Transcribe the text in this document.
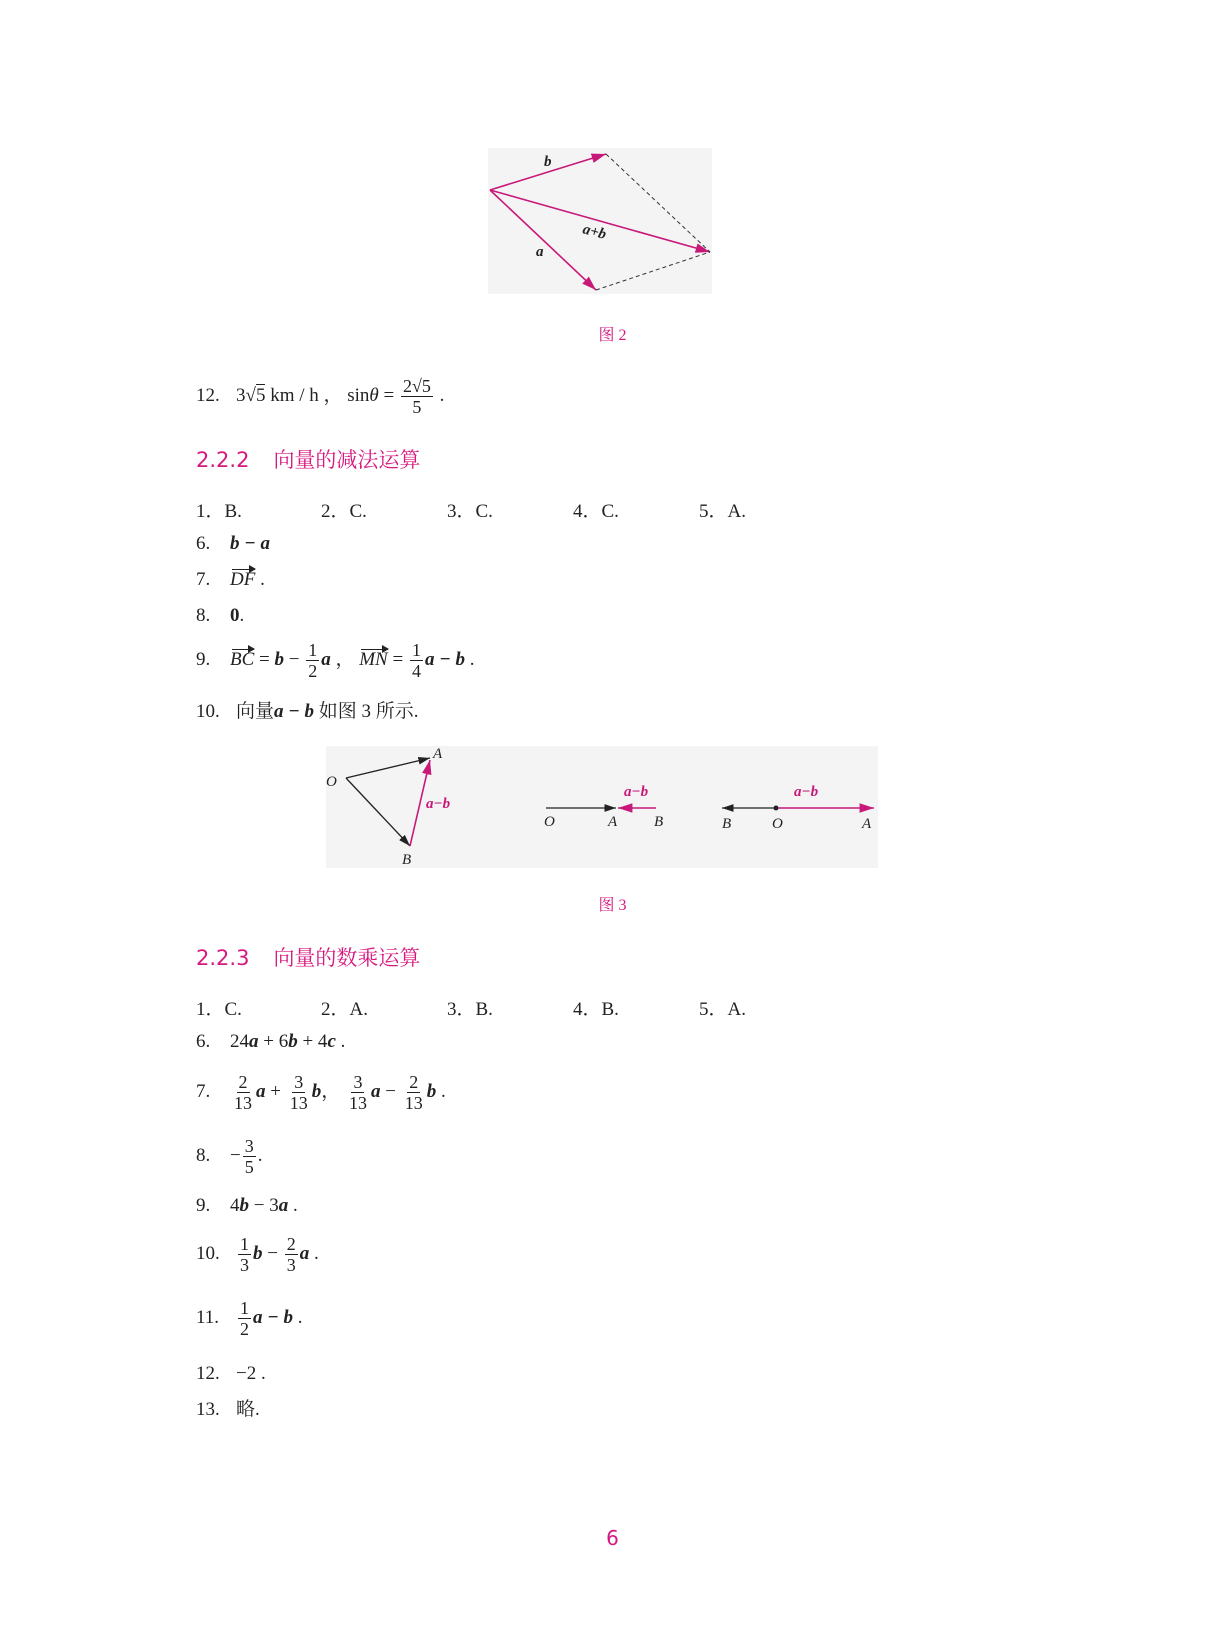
b
a
a+b
图 2
12. 3√5 km / h ， $\sin\theta = \frac{2√5}{5}$ .
2.2.2 向量的减法运算
1．B.	2．C.	3．C.	4．C.	5．A.
6. b − a
7. DF .
8. 0.
9. BC = $b - \frac{1}{2}$ a ， MN = $\frac{1}{4}$ a − b .
10. 向量a − b 如图 3 所示.
O
A
B
a−b
O	A B
a−b
B	O	A
a−b
图 3
2.2.3 向量的数乘运算
1．C.	2．A.	3．B.	4．B.	5．A.
6. 24a + 6b + 4c .
7. $\frac{2}{13}$ $a + \frac{3}{13}$ b， $\frac{3}{13}$ $a - \frac{2}{13}$ b .
8. − $\frac{3}{5}$ .
9. 4b − 3a .
10. $\frac{1}{3}$ $b - \frac{2}{3}$ a .
11. $\frac{1}{2}$ a − b .
12. −2 .
13. 略.
6
